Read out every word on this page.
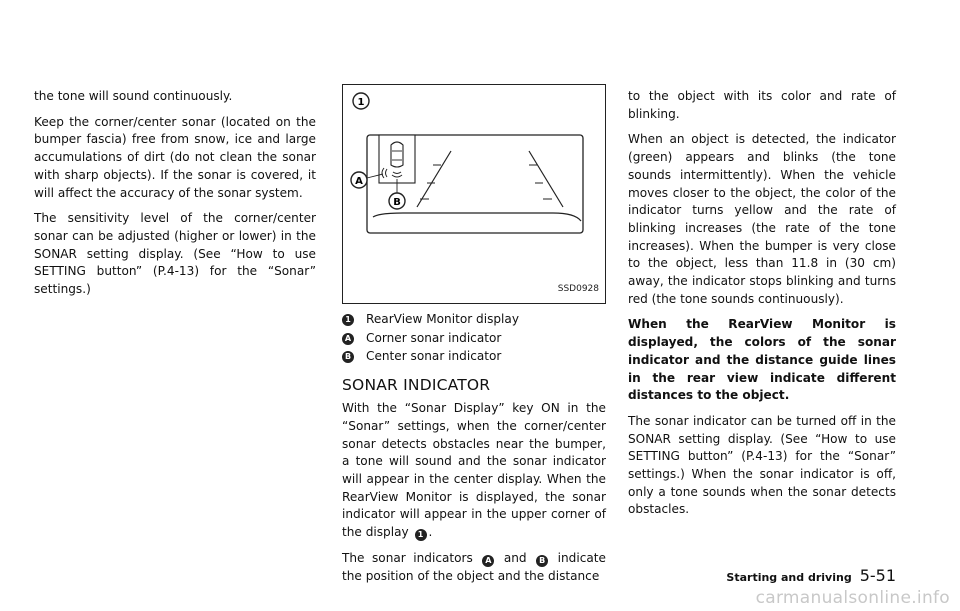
the tone will sound continuously.

Keep the corner/center sonar (located on the bumper fascia) free from snow, ice and large accumulations of dirt (do not clean the sonar with sharp objects). If the sonar is covered, it will affect the accuracy of the sonar system.

The sensitivity level of the corner/center sonar can be adjusted (higher or lower) in the SONAR setting display. (See “How to use SETTING button” (P.4-13) for the “Sonar” settings.)

1
A
B
SSD0928
1 RearView Monitor display
A Corner sonar indicator
B Center sonar indicator
SONAR INDICATOR

With the “Sonar Display” key ON in the “Sonar” settings, when the corner/center sonar detects obstacles near the bumper, a tone will sound and the sonar indicator will appear in the center display. When the RearView Monitor is displayed, the sonar indicator will appear in the upper corner of the display 1 .

The sonar indicators A and B indicate the position of the object and the distance

to the object with its color and rate of blinking.

When an object is detected, the indicator (green) appears and blinks (the tone sounds intermittently). When the vehicle moves closer to the object, the color of the indicator turns yellow and the rate of blinking increases (the rate of the tone increases). When the bumper is very close to the object, less than 11.8 in (30 cm) away, the indicator stops blinking and turns red (the tone sounds continuously).

When the RearView Monitor is displayed, the colors of the sonar indicator and the distance guide lines in the rear view indicate different distances to the object.

The sonar indicator can be turned off in the SONAR setting display. (See “How to use SETTING button” (P.4-13) for the “Sonar” settings.) When the sonar indicator is off, only a tone sounds when the sonar detects obstacles.

Starting and driving 5-51
carmanualsonline.info
